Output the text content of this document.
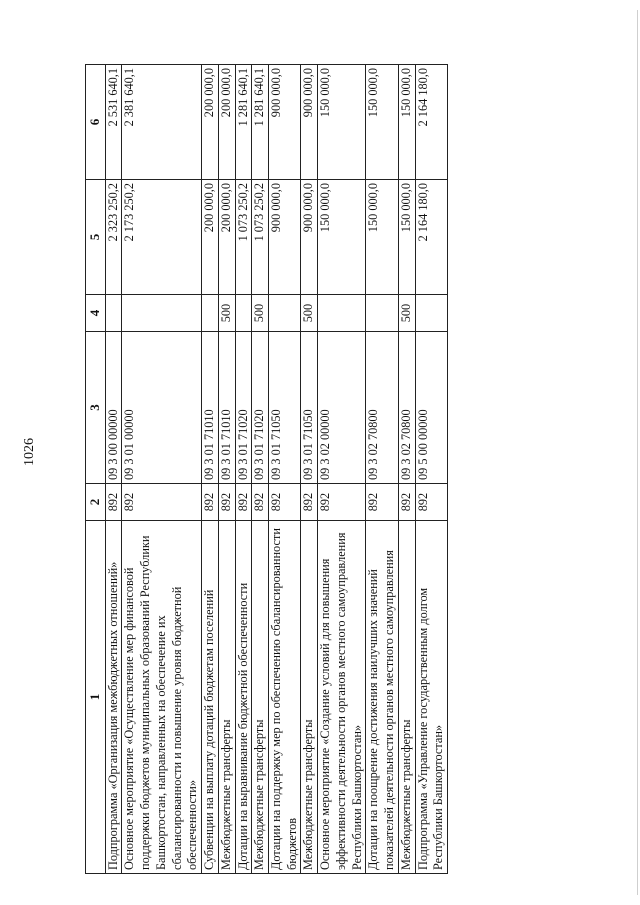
1026
1	2	3	4	5	6
Подпрограмма «Организация межбюджетных отношений»	892	09 3 00 00000		2 323 250,2	2 531 640,1
Основное мероприятие «Осуществление мер финансовой поддержки бюджетов муниципальных образований Республики Башкортостан, направленных на обеспечение их сбалансированности и повышение уровня бюджетной обеспеченности»	892	09 3 01 00000		2 173 250,2	2 381 640,1
Субвенции на выплату дотаций бюджетам поселений	892	09 3 01 71010		200 000,0	200 000,0
Межбюджетные трансферты	892	09 3 01 71010	500	200 000,0	200 000,0
Дотации на выравнивание бюджетной обеспеченности	892	09 3 01 71020		1 073 250,2	1 281 640,1
Межбюджетные трансферты	892	09 3 01 71020	500	1 073 250,2	1 281 640,1
Дотации на поддержку мер по обеспечению сбалансированности бюджетов	892	09 3 01 71050		900 000,0	900 000,0
Межбюджетные трансферты	892	09 3 01 71050	500	900 000,0	900 000,0
Основное мероприятие «Создание условий для повышения эффективности деятельности органов местного самоуправления Республики Башкортостан»	892	09 3 02 00000		150 000,0	150 000,0
Дотации на поощрение достижения наилучших значений показателей деятельности органов местного самоуправления	892	09 3 02 70800		150 000,0	150 000,0
Межбюджетные трансферты	892	09 3 02 70800	500	150 000,0	150 000,0
Подпрограмма «Управление государственным долгом Республики Башкортостан»	892	09 5 00 00000		2 164 180,0	2 164 180,0
